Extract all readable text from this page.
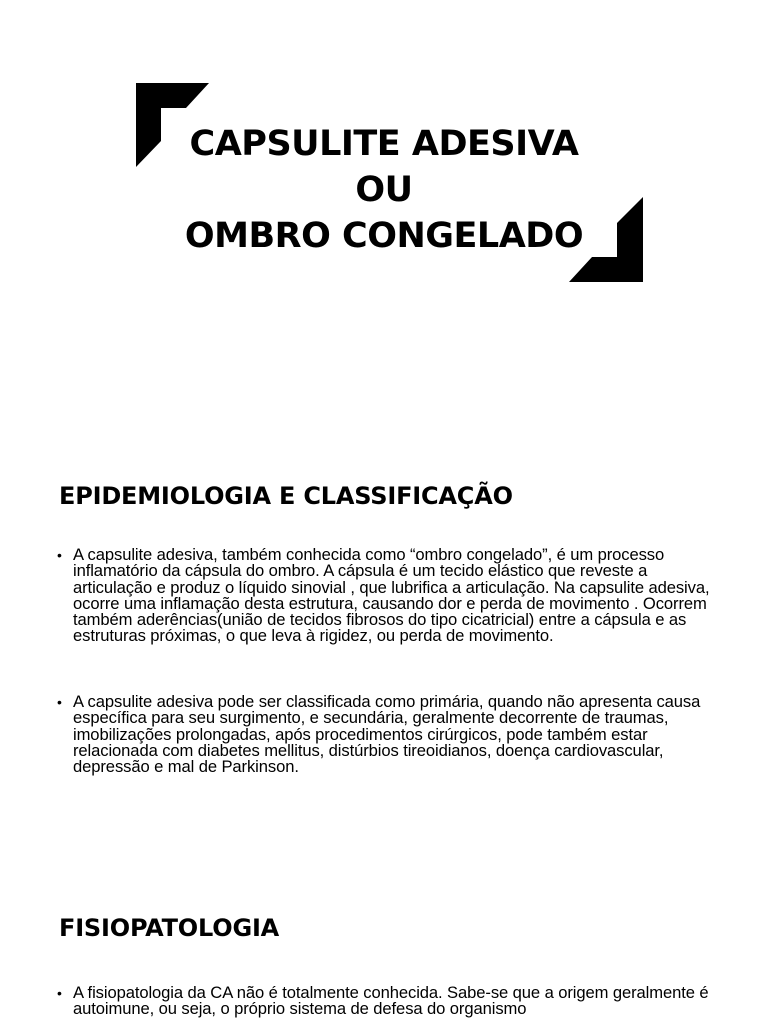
CAPSULITE ADESIVA
OU
OMBRO CONGELADO
EPIDEMIOLOGIA E CLASSIFICAÇÃO
• A capsulite adesiva, também conhecida como “ombro congelado”, é um processo inflamatório da cápsula do ombro. A cápsula é um tecido elástico que reveste a articulação e produz o líquido sinovial , que lubrifica a articulação. Na capsulite adesiva, ocorre uma inflamação desta estrutura, causando dor e perda de movimento . Ocorrem também aderências(união de tecidos fibrosos do tipo cicatricial) entre a cápsula e as estruturas próximas, o que leva à rigidez, ou perda de movimento.
• A capsulite adesiva pode ser classificada como primária, quando não apresenta causa específica para seu surgimento, e secundária, geralmente decorrente de traumas, imobilizações prolongadas, após procedimentos cirúrgicos, pode também estar relacionada com diabetes mellitus, distúrbios tireoidianos, doença cardiovascular, depressão e mal de Parkinson.
FISIOPATOLOGIA
• A fisiopatologia da CA não é totalmente conhecida. Sabe-se que a origem geralmente é autoimune, ou seja, o próprio sistema de defesa do organismo
